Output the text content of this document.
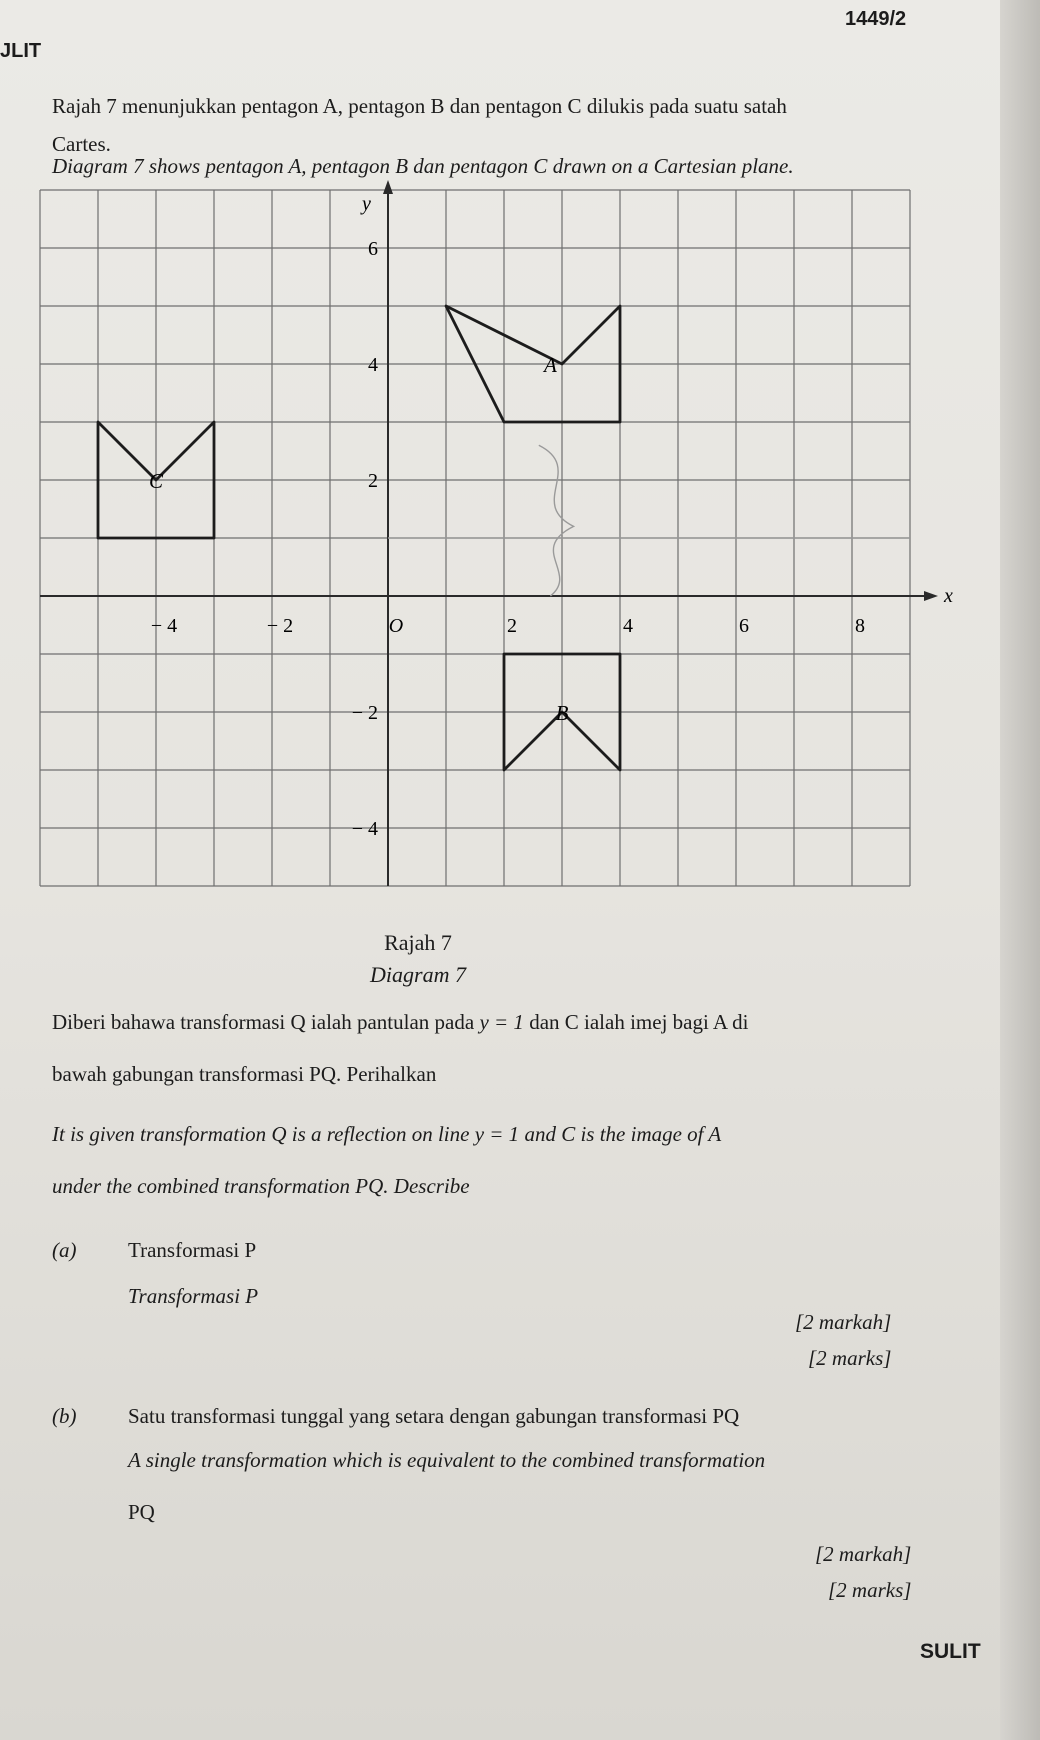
1449/2
JLIT
Rajah 7 menunjukkan pentagon A, pentagon B dan pentagon C dilukis pada suatu satah
Cartes.
Diagram 7 shows pentagon A, pentagon B dan pentagon C drawn on a Cartesian plane.
x
y
− 4	− 2	O	2	4	6	8
6
4
2
− 2
− 4
A
B
C
Rajah 7
Diagram 7
Diberi bahawa transformasi Q ialah pantulan pada y = 1 dan C ialah imej bagi A di
bawah gabungan transformasi PQ. Perihalkan
It is given transformation Q is a reflection on line y = 1 and C is the image of A
under the combined transformation PQ. Describe
(a) Transformasi P
Transformasi P
[2 markah]
[2 marks]
(b) Satu transformasi tunggal yang setara dengan gabungan transformasi PQ
A single transformation which is equivalent to the combined transformation
PQ
[2 markah]
[2 marks]
SULIT
